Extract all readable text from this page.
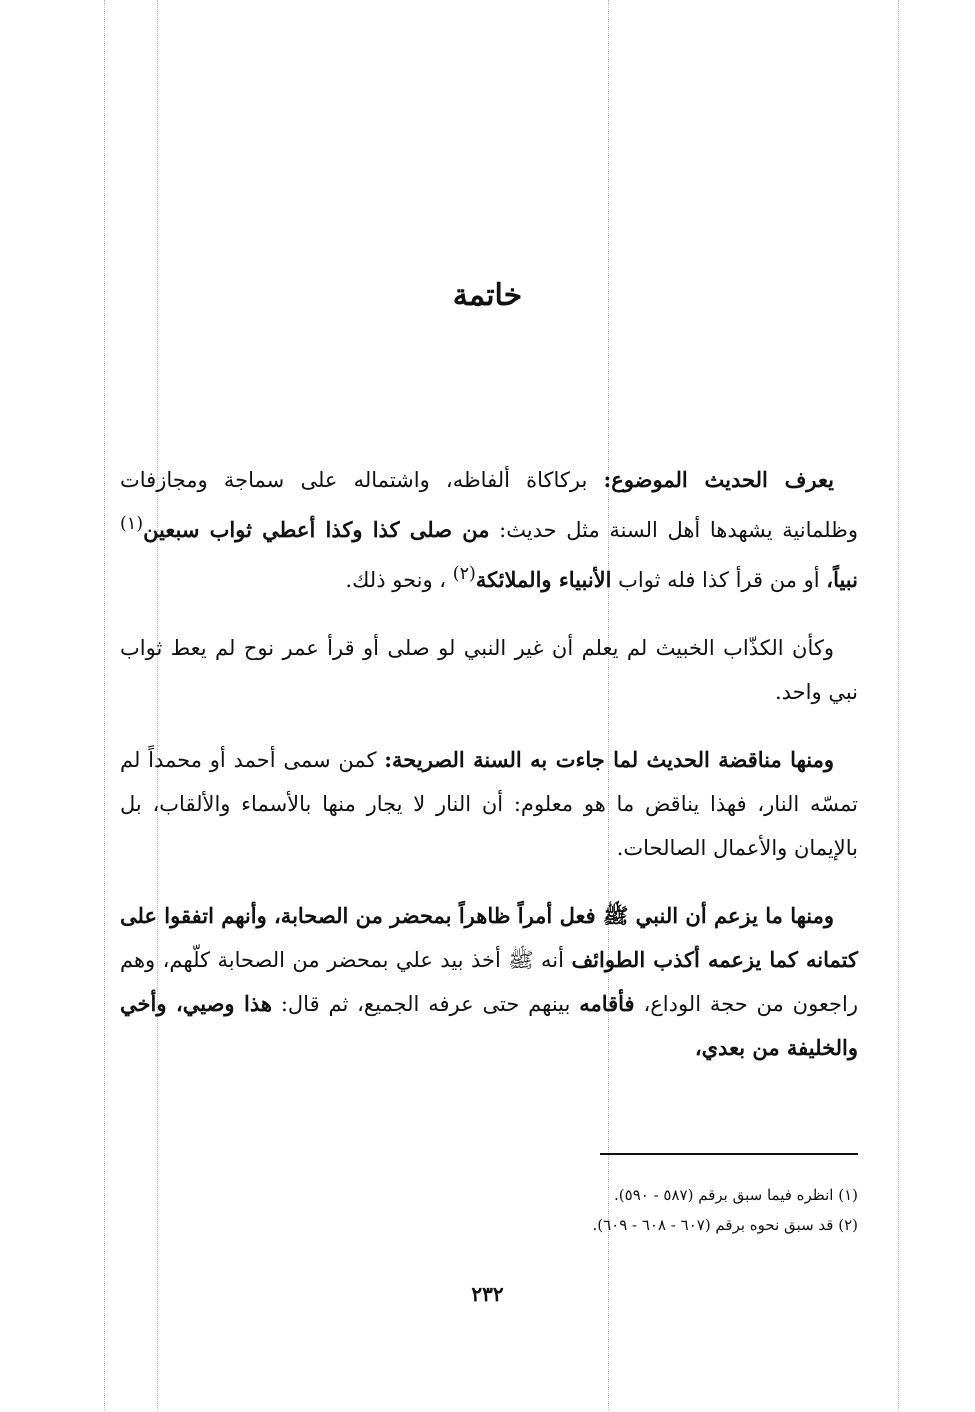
خاتمة

يعرف الحديث الموضوع: بركاكاة ألفاظه، واشتماله على سماجة ومجازفات وظلمانية يشهدها أهل السنة مثل حديث: من صلى كذا وكذا أعطي ثواب سبعين$^{(١)}$ نبياً، أو من قرأ كذا فله ثواب الأنبياء والملائكة$^{(٢)}$ ، ونحو ذلك.

وكأن الكذّاب الخبيث لم يعلم أن غير النبي لو صلى أو قرأ عمر نوح لم يعط ثواب نبي واحد.

ومنها مناقضة الحديث لما جاءت به السنة الصريحة: كمن سمى أحمد أو محمداً لم تمسّه النار، فهذا يناقض ما هو معلوم: أن النار لا يجار منها بالأسماء والألقاب، بل بالإيمان والأعمال الصالحات.

ومنها ما يزعم أن النبي ﷺ فعل أمراً ظاهراً بمحضر من الصحابة، وأنهم اتفقوا على كتمانه كما يزعمه أكذب الطوائف أنه ﷺ أخذ بيد علي بمحضر من الصحابة كلّهم، وهم راجعون من حجة الوداع، فأقامه بينهم حتى عرفه الجميع، ثم قال: هذا وصيي، وأخي والخليفة من بعدي،

(١) انظره فيما سبق برقم (٥٨٧ - ٥٩٠).
(٢) قد سبق نحوه برقم (٦٠٧ - ٦٠٨ - ٦٠٩).
٢٣٢
